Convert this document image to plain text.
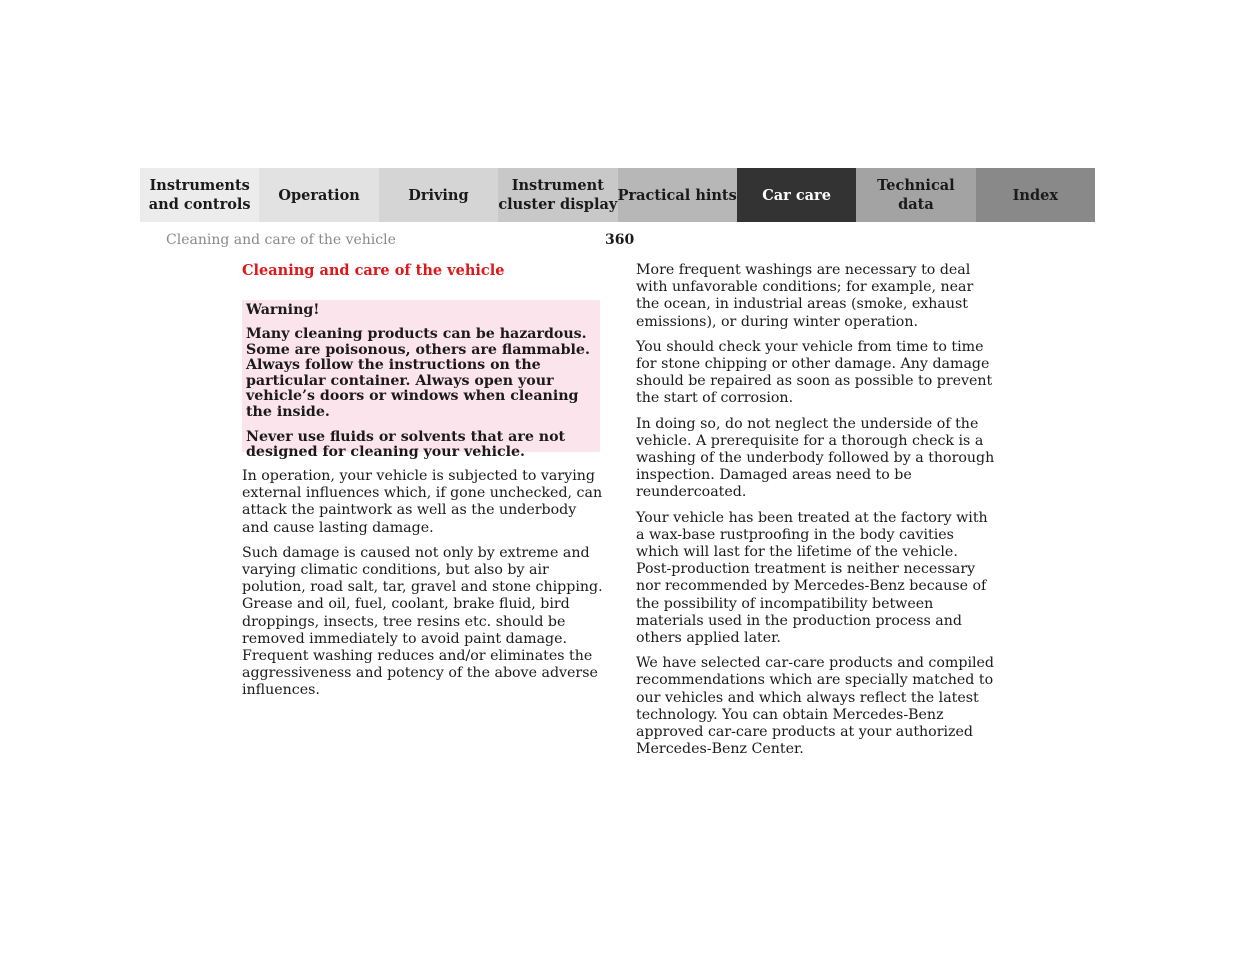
Instruments
and controls
Operation	Driving
Instrument
cluster display
Practical hints	Car care
Technical
data
Index
Cleaning and care of the vehicle	360
Cleaning and care of the vehicle

Warning!

Many cleaning products can be hazardous. Some are poisonous, others are flammable. Always follow the instructions on the particular container. Always open your vehicle’s doors or windows when cleaning the inside.

Never use fluids or solvents that are not designed for cleaning your vehicle.

In operation, your vehicle is subjected to varying external influences which, if gone unchecked, can attack the paintwork as well as the underbody and cause lasting damage.

Such damage is caused not only by extreme and varying climatic conditions, but also by air polution, road salt, tar, gravel and stone chipping. Grease and oil, fuel, coolant, brake fluid, bird droppings, insects, tree resins etc. should be removed immediately to avoid paint damage. Frequent washing reduces and/or eliminates the aggressiveness and potency of the above adverse influences.

More frequent washings are necessary to deal with unfavorable conditions; for example, near the ocean, in industrial areas (smoke, exhaust emissions), or during winter operation.

You should check your vehicle from time to time for stone chipping or other damage. Any damage should be repaired as soon as possible to prevent the start of corrosion.

In doing so, do not neglect the underside of the vehicle. A prerequisite for a thorough check is a washing of the underbody followed by a thorough inspection. Damaged areas need to be reundercoated.

Your vehicle has been treated at the factory with a wax-base rustproofing in the body cavities which will last for the lifetime of the vehicle. Post-production treatment is neither necessary nor recommended by Mercedes-Benz because of the possibility of incompatibility between materials used in the production process and others applied later.

We have selected car-care products and compiled recommendations which are specially matched to our vehicles and which always reflect the latest technology. You can obtain Mercedes-Benz approved car-care products at your authorized Mercedes-Benz Center.
